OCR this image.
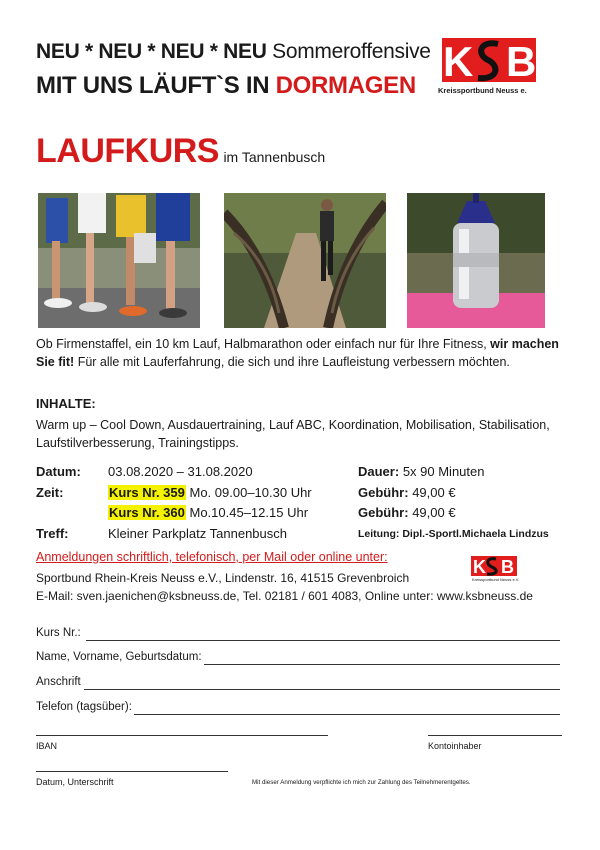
NEU * NEU * NEU * NEU Sommeroffensive
MIT UNS LÄUFT`S IN DORMAGEN
K B
Kreissportbund Neuss e.
LAUFKURS im Tannenbusch
Ob Firmenstaffel, ein 10 km Lauf, Halbmarathon oder einfach nur für Ihre Fitness, wir machen Sie fit! Für alle mit Lauferfahrung, die sich und ihre Laufleistung verbessern möchten.
INHALTE:
Warm up – Cool Down, Ausdauertraining, Lauf ABC, Koordination, Mobilisation, Stabilisation, Laufstilverbesserung, Trainingstipps.
Datum: 03.08.2020 – 31.08.2020	Dauer: 5x 90 Minuten
Zeit:	Kurs Nr. 359 Mo. 09.00–10.30 Uhr	Gebühr: 49,00 €
Kurs Nr. 360 Mo.10.45–12.15 Uhr	Gebühr: 49,00 €
Treff:	Kleiner Parkplatz Tannenbusch	Leitung: Dipl.-Sportl.Michaela Lindzus
Anmeldungen schriftlich, telefonisch, per Mail oder online unter:
Sportbund Rhein-Kreis Neuss e.V., Lindenstr. 16, 41515 Grevenbroich
E-Mail: sven.jaenichen@ksbneuss.de, Tel. 02181 / 601 4083, Online unter: www.ksbneuss.de
K B
Kreissportbund Neuss e.V.
Kurs Nr.:
Name, Vorname, Geburtsdatum:
Anschrift
Telefon (tagsüber):
IBAN	Kontoinhaber
Datum, Unterschrift	Mit dieser Anmeldung verpflichte ich mich zur Zahlung des Teilnehmerentgeltes.
